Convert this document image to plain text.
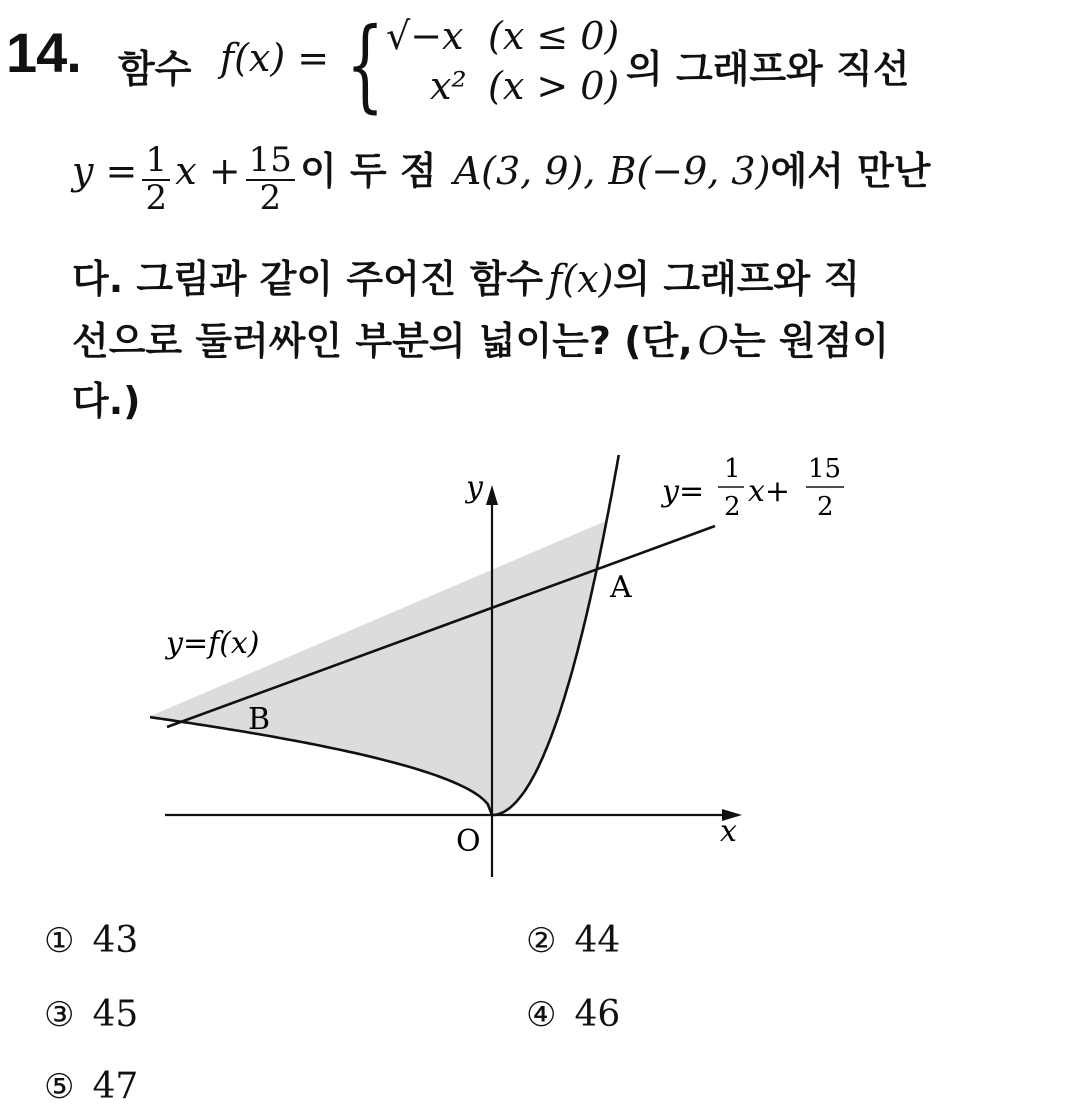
14. 함수 f(x) = { √−x (x ≤ 0)
x² (x > 0) 의 그래프와 직선
$y = \frac{1}{2}$ $x + \frac{15}{2}$ 이 두 점 A(3, 9), B(−9, 3)에서 만난
다. 그림과 같이 주어진 함수 f(x)의 그래프와 직
선으로 둘러싸인 부분의 넓이는? (단, O는 원점이
다.)
y
x
O
A
B
y=f(x)
y=
1
2 x+
15
2
① 43	② 44
③ 45	④ 46
⑤ 47
